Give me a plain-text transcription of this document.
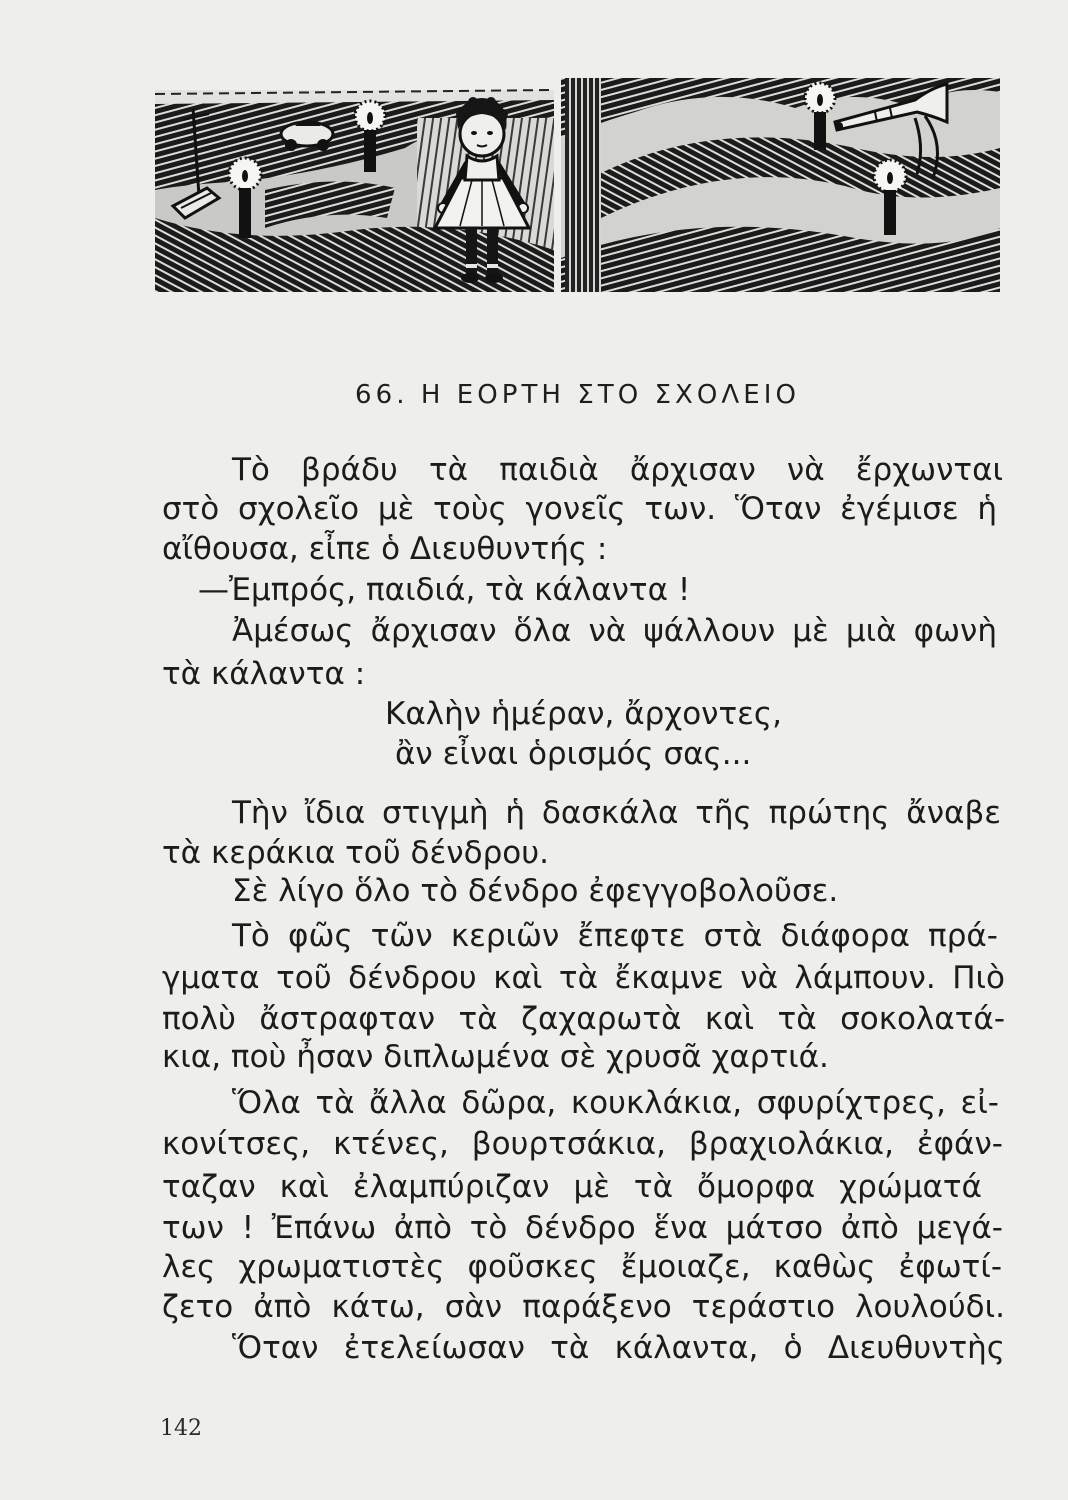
66. Η ΕΟΡΤΗ ΣΤΟ ΣΧΟΛΕΙΟ
Τὸ βράδυ τὰ παιδιὰ ἄρχισαν νὰ ἔρχωνται
στὸ σχολεῖο μὲ τοὺς γονεῖς των. Ὅταν ἐγέμισε ἡ
αἴθουσα, εἶπε ὁ Διευθυντής :
—Ἐμπρός, παιδιά, τὰ κάλαντα !
Ἀμέσως ἄρχισαν ὅλα νὰ ψάλλουν μὲ μιὰ φωνὴ
τὰ κάλαντα :
Καλὴν ἡμέραν, ἄρχοντες,
ἂν εἶναι ὁρισμός σας...
Τὴν ἴδια στιγμὴ ἡ δασκάλα τῆς πρώτης ἄναβε
τὰ κεράκια τοῦ δένδρου.
Σὲ λίγο ὅλο τὸ δένδρο ἐφεγγοβολοῦσε.
Τὸ φῶς τῶν κεριῶν ἔπεφτε στὰ διάφορα πρά-
γματα τοῦ δένδρου καὶ τὰ ἔκαμνε νὰ λάμπουν. Πιὸ
πολὺ ἄστραφταν τὰ ζαχαρωτὰ καὶ τὰ σοκολατά-
κια, ποὺ ἦσαν διπλωμένα σὲ χρυσᾶ χαρτιά.
Ὅλα τὰ ἄλλα δῶρα, κουκλάκια, σφυρίχτρες, εἰ-
κονίτσες, κτένες, βουρτσάκια, βραχιολάκια, ἐφάν-
ταζαν καὶ ἐλαμπύριζαν μὲ τὰ ὄμορφα χρώματά
των ! Ἐπάνω ἀπὸ τὸ δένδρο ἕνα μάτσο ἀπὸ μεγά-
λες χρωματιστὲς φοῦσκες ἔμοιαζε, καθὼς ἐφωτί-
ζετο ἀπὸ κάτω, σὰν παράξενο τεράστιο λουλούδι.
Ὅταν ἐτελείωσαν τὰ κάλαντα, ὁ Διευθυντὴς
142
